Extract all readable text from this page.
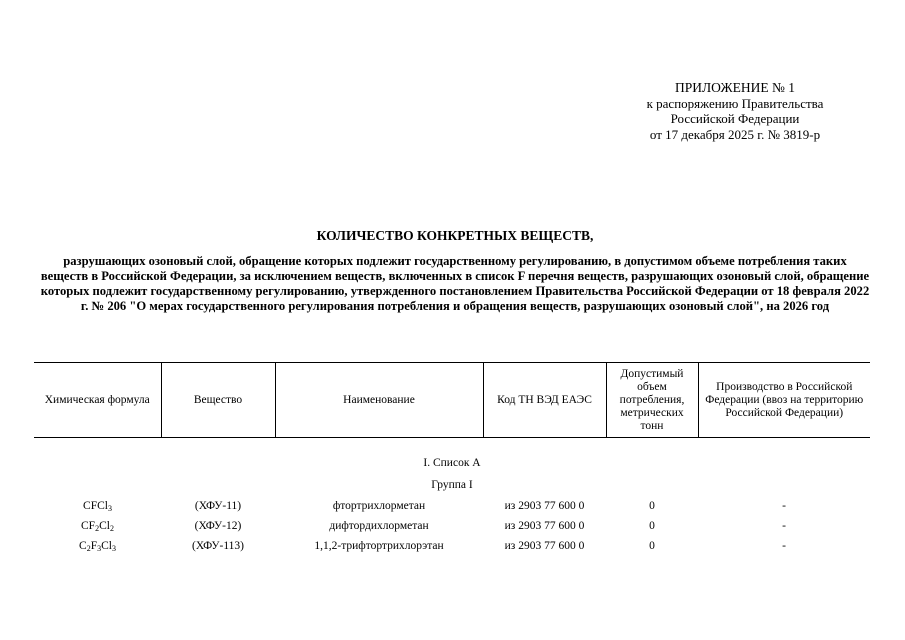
ПРИЛОЖЕНИЕ № 1
к распоряжению Правительства
Российской Федерации
от 17 декабря 2025 г. № 3819-р
КОЛИЧЕСТВО КОНКРЕТНЫХ ВЕЩЕСТВ,
разрушающих озоновый слой, обращение которых подлежит государственному регулированию, в допустимом объеме потребления таких веществ в Российской Федерации, за исключением веществ, включенных в список F перечня веществ, разрушающих озоновый слой, обращение которых подлежит государственному регулированию, утвержденного постановлением Правительства Российской Федерации от 18 февраля 2022 г. № 206 "О мерах государственного регулирования потребления и обращения веществ, разрушающих озоновый слой", на 2026 год
Химическая формула	Вещество	Наименование	Код ТН ВЭД ЕАЭС	Допустимый объем потребления, метрических тонн	Производство в Российской Федерации (ввоз на территорию Российской Федерации)
I. Список А					
Группа I					
CFCl$_3$	(ХФУ-11)	фтортрихлорметан	из 2903 77 600 0	0	-
$CF_2Cl_2$	(ХФУ-12)	дифтордихлорметан	из 2903 77 600 0	0	-
$C_2F_3Cl_3$	(ХФУ-113)	1,1,2-трифтортрихлорэтан	из 2903 77 600 0	0	-
